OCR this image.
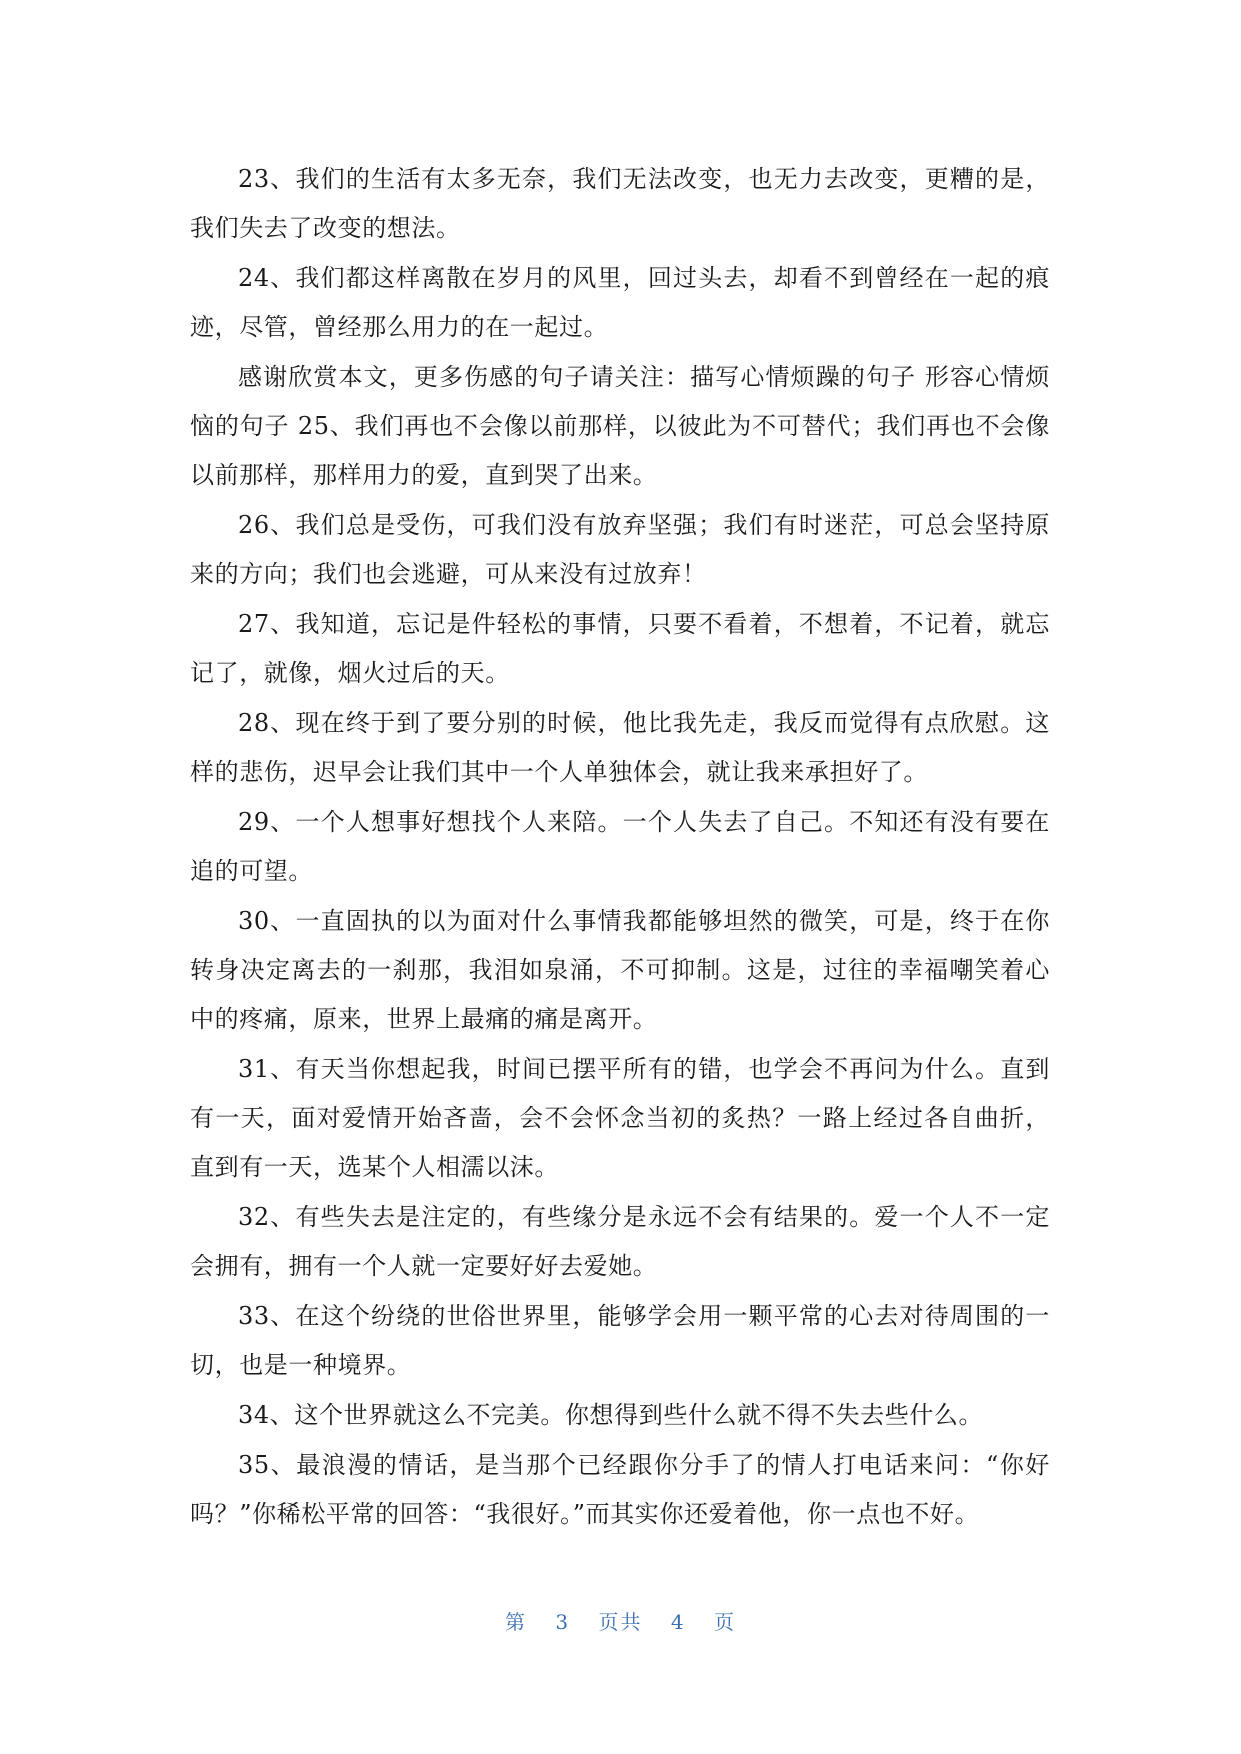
23、我们的生活有太多无奈，我们无法改变，也无力去改变，更糟的是，我们失去了改变的想法。

24、我们都这样离散在岁月的风里，回过头去，却看不到曾经在一起的痕迹，尽管，曾经那么用力的在一起过。

感谢欣赏本文，更多伤感的句子请关注：描写心情烦躁的句子 形容心情烦恼的句子 25、我们再也不会像以前那样，以彼此为不可替代；我们再也不会像以前那样，那样用力的爱，直到哭了出来。

26、我们总是受伤，可我们没有放弃坚强；我们有时迷茫，可总会坚持原来的方向；我们也会逃避，可从来没有过放弃！

27、我知道，忘记是件轻松的事情，只要不看着，不想着，不记着，就忘记了，就像，烟火过后的天。

28、现在终于到了要分别的时候，他比我先走，我反而觉得有点欣慰。这样的悲伤，迟早会让我们其中一个人单独体会，就让我来承担好了。

29、一个人想事好想找个人来陪。一个人失去了自己。不知还有没有要在追的可望。

30、一直固执的以为面对什么事情我都能够坦然的微笑，可是，终于在你转身决定离去的一刹那，我泪如泉涌，不可抑制。这是，过往的幸福嘲笑着心中的疼痛，原来，世界上最痛的痛是离开。

31、有天当你想起我，时间已摆平所有的错，也学会不再问为什么。直到有一天，面对爱情开始吝啬，会不会怀念当初的炙热？一路上经过各自曲折，直到有一天，选某个人相濡以沫。

32、有些失去是注定的，有些缘分是永远不会有结果的。爱一个人不一定会拥有，拥有一个人就一定要好好去爱她。

33、在这个纷绕的世俗世界里，能够学会用一颗平常的心去对待周围的一切，也是一种境界。

34、这个世界就这么不完美。你想得到些什么就不得不失去些什么。

35、最浪漫的情话，是当那个已经跟你分手了的情人打电话来问：“你好吗？”你稀松平常的回答：“我很好。”而其实你还爱着他，你一点也不好。

第 3 页共 4 页
